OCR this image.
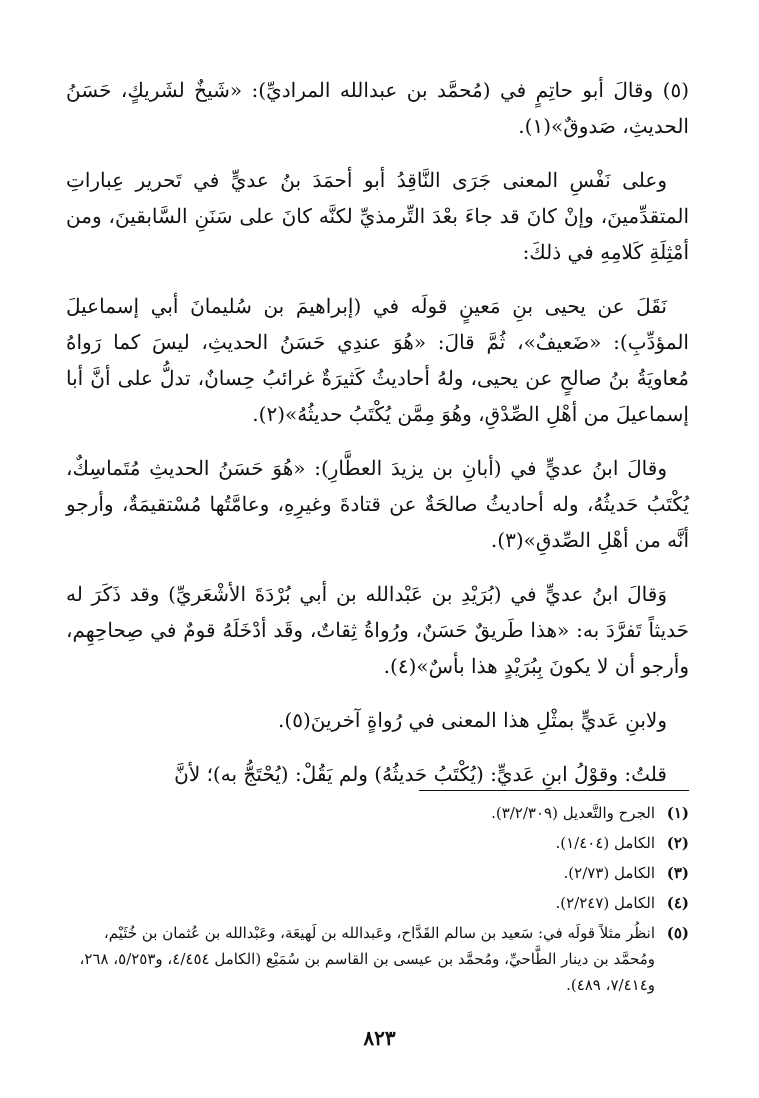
(٥) وقالَ أبو حاتِمٍ في (مُحمَّد بن عبدالله المراديِّ): «شَيخٌ لشَريكٍ، حَسَنُ الحديثِ، صَدوقٌ»(١).

وعلى نَفْسِ المعنى جَرَى النَّاقِدُ أبو أحمَدَ بنُ عديٍّ في تَحرير عِباراتِ المتقدِّمينَ، وإنْ كانَ قد جاءَ بعْدَ التِّرمذيِّ لكنَّه كانَ على سَنَنِ السَّابقينَ، ومن أمْثِلَةِ كَلامِهِ في ذلكَ:

نَقَلَ عن يحيى بنِ مَعينٍ قولَه في (إبراهيمَ بن سُليمانَ أبي إسماعيلَ المؤدِّبِ): «ضَعيفٌ»، ثُمَّ قالَ: «هُوَ عندِي حَسَنُ الحديثِ، ليسَ كما رَواهُ مُعاويَةُ بنُ صالحٍ عن يحيى، ولهُ أحاديثُ كَثيرَةٌ غرائبُ حِسانٌ، تدلُّ على أنَّ أبا إسماعيلَ من أهْلِ الصِّدْقِ، وهُوَ مِمَّن يُكْتَبُ حديثُهُ»(٢).

وقالَ ابنُ عديٍّ في (أبانِ بن يزيدَ العطَّارِ): «هُوَ حَسَنُ الحديثِ مُتَماسِكٌ، يُكْتَبُ حَديثُهُ، وله أحاديثُ صالحَةٌ عن قتادةَ وغيرِهِ، وعامَّتُها مُسْتقيمَةٌ، وأرجو أنَّه من أهْلِ الصِّدقِ»(٣).

وَقالَ ابنُ عديٍّ في (بُرَيْدِ بن عَبْدالله بن أبي بُرْدَةَ الأشْعَريِّ) وقد ذَكَرَ له حَديثاً تَفرَّدَ به: «هذا طَريقٌ حَسَنٌ، ورُواةُ ثِقاتٌ، وقَد أدْخَلَهُ قومٌ في صِحاحِهِم، وأرجو أن لا يكونَ بِبُرَيْدٍ هذا بأسٌ»(٤).

ولابنِ عَديٍّ بمثْلِ هذا المعنى في رُواةٍ آخرينَ(٥).

قلتُ: وقوْلُ ابنِ عَديٍّ: (يُكْتَبُ حَديثُهُ) ولم يَقُلْ: (يُحْتَجُّ به)؛ لأنَّ

(١)
الجرح والتَّعديل (٣/٢/٣٠٩).
(٢)
الكامل (١/٤٠٤).
(٣)
الكامل (٢/٧٣).
(٤)
الكامل (٢/٢٤٧).
(٥)
انظُر مثلاً قولَه في: سَعيد بن سالم القَدَّاح، وعَبدالله بن لَهيعَة، وعَبْدالله بن عُثمان بن خُثَيْم، ومُحمَّد بن دينار الطَّاحيِّ، ومُحمَّد بن عيسى بن القاسم بن سُمَيْع (الكامل ٤/٤٥٤، و٥/٢٥٣، ٢٦٨، و٧/٤١٤، ٤٨٩).
٨٢٣
